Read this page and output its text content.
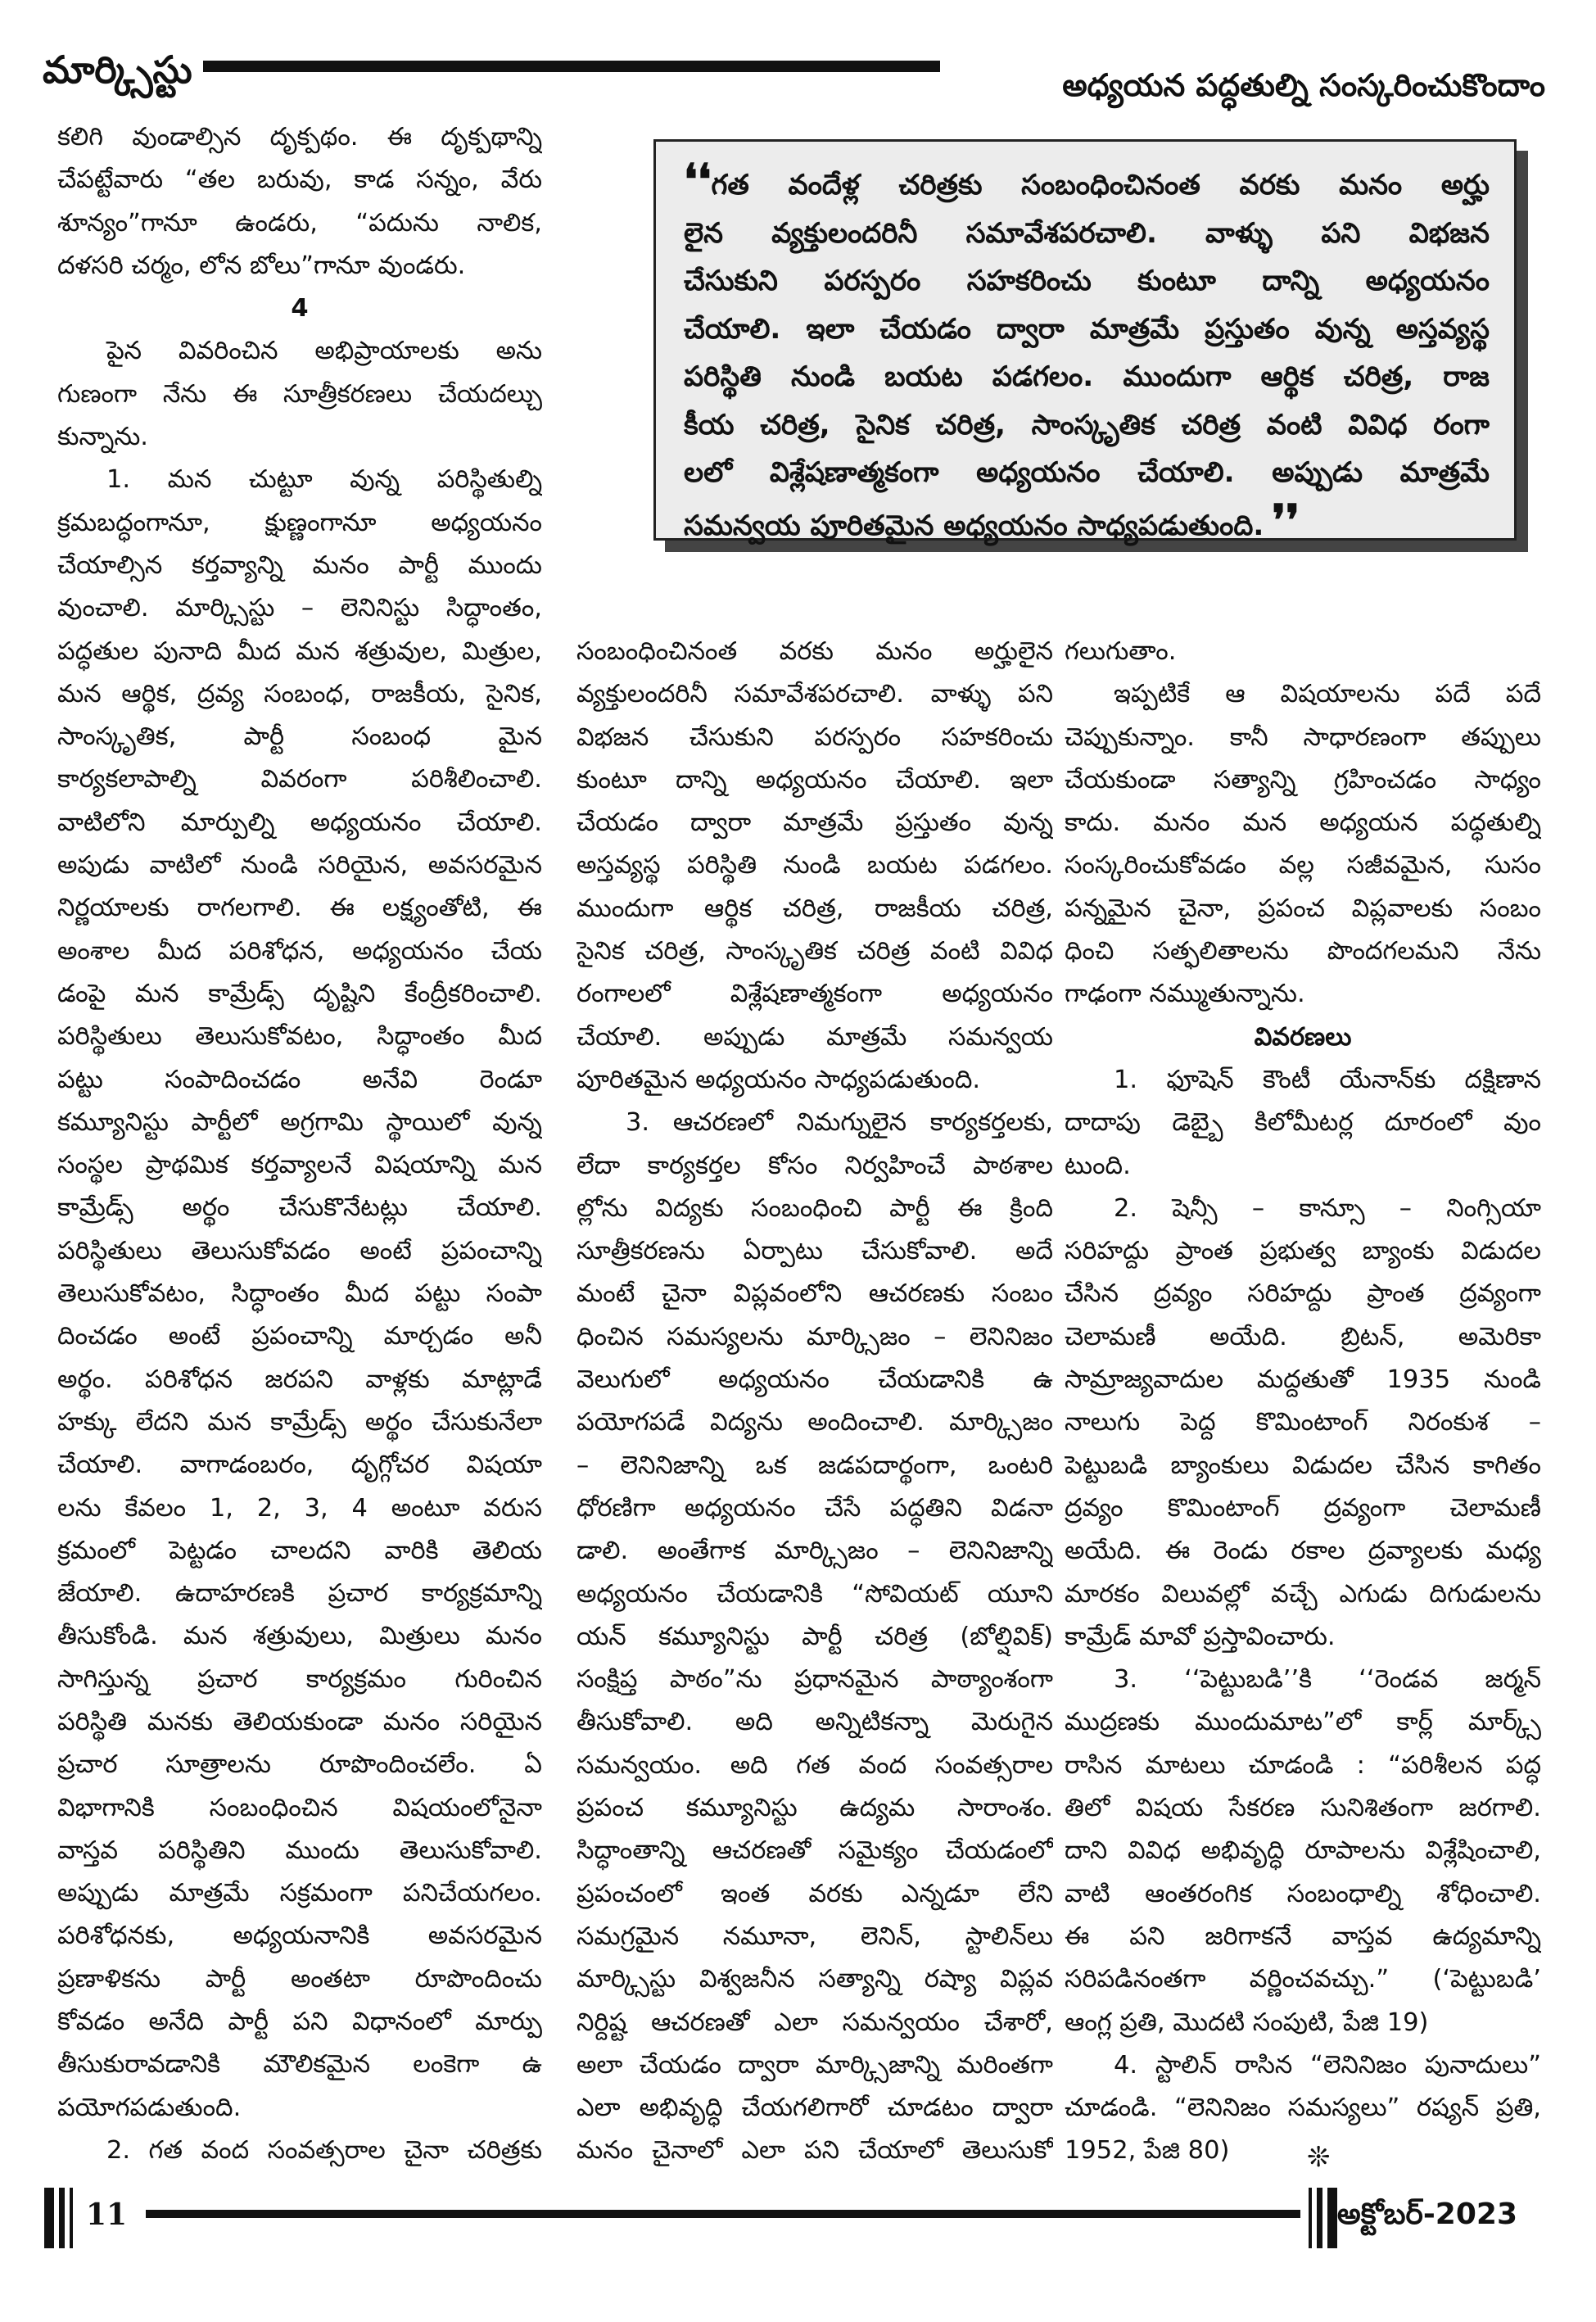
మార్క్సిస్టు	అధ్యయన పద్ధతుల్ని సంస్కరించుకొందాం
❛❛గత వందేళ్ల చరిత్రకు సంబంధించినంత వరకు మనం అర్హు
లైన వ్యక్తులందరినీ సమావేశపరచాలి. వాళ్ళు పని విభజన
చేసుకుని పరస్పరం సహకరించు కుంటూ దాన్ని అధ్యయనం
చేయాలి. ఇలా చేయడం ద్వారా మాత్రమే ప్రస్తుతం వున్న అస్తవ్యస్థ
పరిస్థితి నుండి బయట పడగలం. ముందుగా ఆర్థిక చరిత్ర, రాజ
కీయ చరిత్ర, సైనిక చరిత్ర, సాంస్కృతిక చరిత్ర వంటి వివిధ రంగా
లలో విశ్లేషణాత్మకంగా అధ్యయనం చేయాలి. అప్పుడు మాత్రమే
సమన్వయ పూరితమైన అధ్యయనం సాధ్యపడుతుంది. ❜❜
కలిగి వుండాల్సిన దృక్పథం. ఈ దృక్పథాన్ని
చేపట్టేవారు “తల బరువు, కాడ సన్నం, వేరు
శూన్యం”గానూ ఉండరు, “పదును నాలిక,
దళసరి చర్మం, లోన బోలు”గానూ వుండరు.
4
పైన వివరించిన అభిప్రాయాలకు అను
గుణంగా నేను ఈ సూత్రీకరణలు చేయదల్చు
కున్నాను.
1. మన చుట్టూ వున్న పరిస్థితుల్ని
క్రమబద్ధంగానూ, క్షుణ్ణంగానూ అధ్యయనం
చేయాల్సిన కర్తవ్యాన్ని మనం పార్టీ ముందు
వుంచాలి. మార్క్సిస్టు – లెనినిస్టు సిద్ధాంతం,
పద్ధతుల పునాది మీద మన శత్రువుల, మిత్రుల,
మన ఆర్థిక, ద్రవ్య సంబంధ, రాజకీయ, సైనిక,
సాంస్కృతిక, పార్టీ సంబంధ మైన
కార్యకలాపాల్ని వివరంగా పరిశీలించాలి.
వాటిలోని మార్పుల్ని అధ్యయనం చేయాలి.
అపుడు వాటిలో నుండి సరియైన, అవసరమైన
నిర్ణయాలకు రాగలగాలి. ఈ లక్ష్యంతోటి, ఈ
అంశాల మీద పరిశోధన, అధ్యయనం చేయ
డంపై మన కామ్రేడ్స్ దృష్టిని కేంద్రీకరించాలి.
పరిస్థితులు తెలుసుకోవటం, సిద్ధాంతం మీద
పట్టు సంపాదించడం అనేవి రెండూ
కమ్యూనిస్టు పార్టీలో అగ్రగామి స్థాయిలో వున్న
సంస్థల ప్రాథమిక కర్తవ్యాలనే విషయాన్ని మన
కామ్రేడ్స్ అర్థం చేసుకొనేటట్లు చేయాలి.
పరిస్థితులు తెలుసుకోవడం అంటే ప్రపంచాన్ని
తెలుసుకోవటం, సిద్ధాంతం మీద పట్టు సంపా
దించడం అంటే ప్రపంచాన్ని మార్చడం అనీ
అర్థం. పరిశోధన జరపని వాళ్లకు మాట్లాడే
హక్కు లేదని మన కామ్రేడ్స్ అర్థం చేసుకునేలా
చేయాలి. వాగాడంబరం, దృగ్గోచర విషయా
లను కేవలం 1, 2, 3, 4 అంటూ వరుస
క్రమంలో పెట్టడం చాలదని వారికి తెలియ
జేయాలి. ఉదాహరణకి ప్రచార కార్యక్రమాన్ని
తీసుకోండి. మన శత్రువులు, మిత్రులు మనం
సాగిస్తున్న ప్రచార కార్యక్రమం గురించిన
పరిస్థితి మనకు తెలియకుండా మనం సరియైన
ప్రచార సూత్రాలను రూపొందించలేం. ఏ
విభాగానికి సంబంధించిన విషయంలోనైనా
వాస్తవ పరిస్థితిని ముందు తెలుసుకోవాలి.
అప్పుడు మాత్రమే సక్రమంగా పనిచేయగలం.
పరిశోధనకు, అధ్యయనానికి అవసరమైన
ప్రణాళికను పార్టీ అంతటా రూపొందించు
కోవడం అనేది పార్టీ పని విధానంలో మార్పు
తీసుకురావడానికి మౌలికమైన లంకెగా ఉ
పయోగపడుతుంది.
2. గత వంద సంవత్సరాల చైనా చరిత్రకు
సంబంధించినంత వరకు మనం అర్హులైన
వ్యక్తులందరినీ సమావేశపరచాలి. వాళ్ళు పని
విభజన చేసుకుని పరస్పరం సహకరించు
కుంటూ దాన్ని అధ్యయనం చేయాలి. ఇలా
చేయడం ద్వారా మాత్రమే ప్రస్తుతం వున్న
అస్తవ్యస్థ పరిస్థితి నుండి బయట పడగలం.
ముందుగా ఆర్థిక చరిత్ర, రాజకీయ చరిత్ర,
సైనిక చరిత్ర, సాంస్కృతిక చరిత్ర వంటి వివిధ
రంగాలలో విశ్లేషణాత్మకంగా అధ్యయనం
చేయాలి. అప్పుడు మాత్రమే సమన్వయ
పూరితమైన అధ్యయనం సాధ్యపడుతుంది.
3. ఆచరణలో నిమగ్నులైన కార్యకర్తలకు,
లేదా కార్యకర్తల కోసం నిర్వహించే పాఠశాల
ల్లోను విద్యకు సంబంధించి పార్టీ ఈ క్రింది
సూత్రీకరణను ఏర్పాటు చేసుకోవాలి. అదే
మంటే చైనా విప్లవంలోని ఆచరణకు సంబం
ధించిన సమస్యలను మార్క్సిజం – లెనినిజం
వెలుగులో అధ్యయనం చేయడానికి ఉ
పయోగపడే విద్యను అందించాలి. మార్క్సిజం
– లెనినిజాన్ని ఒక జడపదార్థంగా, ఒంటరి
ధోరణిగా అధ్యయనం చేసే పద్ధతిని విడనా
డాలి. అంతేగాక మార్క్సిజం – లెనినిజాన్ని
అధ్యయనం చేయడానికి “సోవియట్ యూని
యన్ కమ్యూనిస్టు పార్టీ చరిత్ర (బోల్షివిక్)
సంక్షిప్త పాఠం”ను ప్రధానమైన పాఠ్యాంశంగా
తీసుకోవాలి. అది అన్నిటికన్నా మెరుగైన
సమన్వయం. అది గత వంద సంవత్సరాల
ప్రపంచ కమ్యూనిస్టు ఉద్యమ సారాంశం.
సిద్ధాంతాన్ని ఆచరణతో సమైక్యం చేయడంలో
ప్రపంచంలో ఇంత వరకు ఎన్నడూ లేని
సమగ్రమైన నమూనా, లెనిన్, స్టాలిన్‌లు
మార్క్సిస్టు విశ్వజనీన సత్యాన్ని రష్యా విప్లవ
నిర్దిష్ట ఆచరణతో ఎలా సమన్వయం చేశారో,
అలా చేయడం ద్వారా మార్క్సిజాన్ని మరింతగా
ఎలా అభివృద్ధి చేయగలిగారో చూడటం ద్వారా
మనం చైనాలో ఎలా పని చేయాలో తెలుసుకో
గలుగుతాం.
ఇప్పటికే ఆ విషయాలను పదే పదే
చెప్పుకున్నాం. కానీ సాధారణంగా తప్పులు
చేయకుండా సత్యాన్ని గ్రహించడం సాధ్యం
కాదు. మనం మన అధ్యయన పద్ధతుల్ని
సంస్కరించుకోవడం వల్ల సజీవమైన, సుసం
పన్నమైన చైనా, ప్రపంచ విప్లవాలకు సంబం
ధించి సత్ఫలితాలను పొందగలమని నేను
గాఢంగా నమ్ముతున్నాను.
వివరణలు
1. ఫూషెన్ కౌంటీ యేనాన్‌కు దక్షిణాన
దాదాపు డెబ్బై కిలోమీటర్ల దూరంలో వుం
టుంది.
2. షెన్సీ – కాన్సూ – నింగ్సియా
సరిహద్దు ప్రాంత ప్రభుత్వ బ్యాంకు విడుదల
చేసిన ద్రవ్యం సరిహద్దు ప్రాంత ద్రవ్యంగా
చెలామణీ అయేది. బ్రిటన్, అమెరికా
సామ్రాజ్యవాదుల మద్దతుతో 1935 నుండి
నాలుగు పెద్ద కొమింటాంగ్ నిరంకుశ –
పెట్టుబడి బ్యాంకులు విడుదల చేసిన కాగితం
ద్రవ్యం కొమింటాంగ్ ద్రవ్యంగా చెలామణీ
అయేది. ఈ రెండు రకాల ద్రవ్యాలకు మధ్య
మారకం విలువల్లో వచ్చే ఎగుడు దిగుడులను
కామ్రేడ్ మావో ప్రస్తావించారు.
3. ‘‘పెట్టుబడి’’కి ‘‘రెండవ జర్మన్
ముద్రణకు ముందుమాట”లో కార్ల్ మార్క్స్
రాసిన మాటలు చూడండి : “పరిశీలన పద్ధ
తిలో విషయ సేకరణ సునిశితంగా జరగాలి.
దాని వివిధ అభివృద్ధి రూపాలను విశ్లేషించాలి,
వాటి ఆంతరంగిక సంబంధాల్ని శోధించాలి.
ఈ పని జరిగాకనే వాస్తవ ఉద్యమాన్ని
సరిపడినంతగా వర్ణించవచ్చు.” (‘పెట్టుబడి’
ఆంగ్ల ప్రతి, మొదటి సంపుటి, పేజి 19)
4. స్టాలిన్ రాసిన “లెనినిజం పునాదులు”
చూడండి. “లెనినిజం సమస్యలు” రష్యన్ ప్రతి,
1952, పేజి 80)	❊
11	అక్టోబర్-2023
